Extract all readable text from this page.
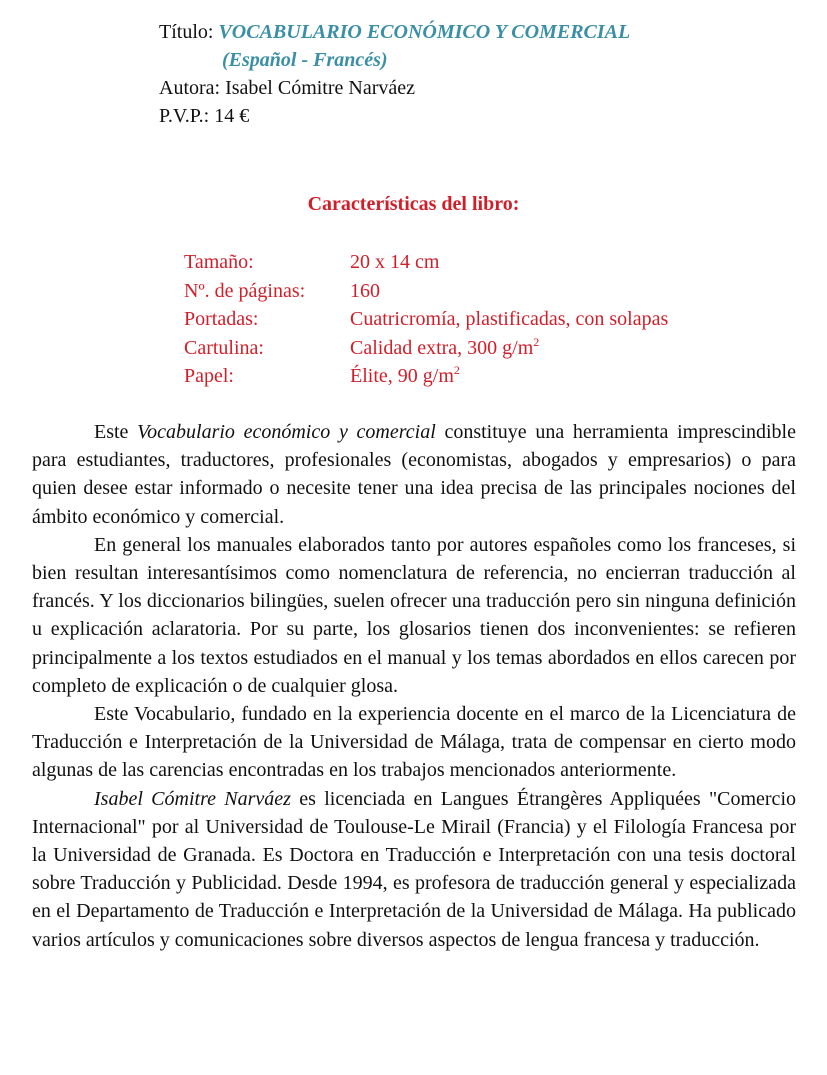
Título: VOCABULARIO ECONÓMICO Y COMERCIAL
(Español - Francés)
Autora: Isabel Cómitre Narváez
P.V.P.: 14 €
Características del libro:
Tamaño:	20 x 14 cm
Nº. de páginas:	160
Portadas:	Cuatricromía, plastificadas, con solapas
Cartulina:	Calidad extra, 300 $g/m^2$
Papel:	Élite, 90 $g/m^2$

Este Vocabulario económico y comercial constituye una herramienta imprescindible para estudiantes, traductores, profesionales (economistas, abogados y empresarios) o para quien desee estar informado o necesite tener una idea precisa de las principales nociones del ámbito económico y comercial.

En general los manuales elaborados tanto por autores españoles como los franceses, si bien resultan interesantísimos como nomenclatura de referencia, no encierran traducción al francés. Y los diccionarios bilingües, suelen ofrecer una traducción pero sin ninguna definición u explicación aclaratoria. Por su parte, los glosarios tienen dos inconvenientes: se refieren principalmente a los textos estudiados en el manual y los temas abordados en ellos carecen por completo de explicación o de cualquier glosa.

Este Vocabulario, fundado en la experiencia docente en el marco de la Licenciatura de Traducción e Interpretación de la Universidad de Málaga, trata de compensar en cierto modo algunas de las carencias encontradas en los trabajos mencionados anteriormente.

Isabel Cómitre Narváez es licenciada en Langues Étrangères Appliquées "Comercio Internacional" por al Universidad de Toulouse-Le Mirail (Francia) y el Filología Francesa por la Universidad de Granada. Es Doctora en Traducción e Interpretación con una tesis doctoral sobre Traducción y Publicidad. Desde 1994, es profesora de traducción general y especializada en el Departamento de Traducción e Interpretación de la Universidad de Málaga. Ha publicado varios artículos y comunicaciones sobre diversos aspectos de lengua francesa y traducción.
